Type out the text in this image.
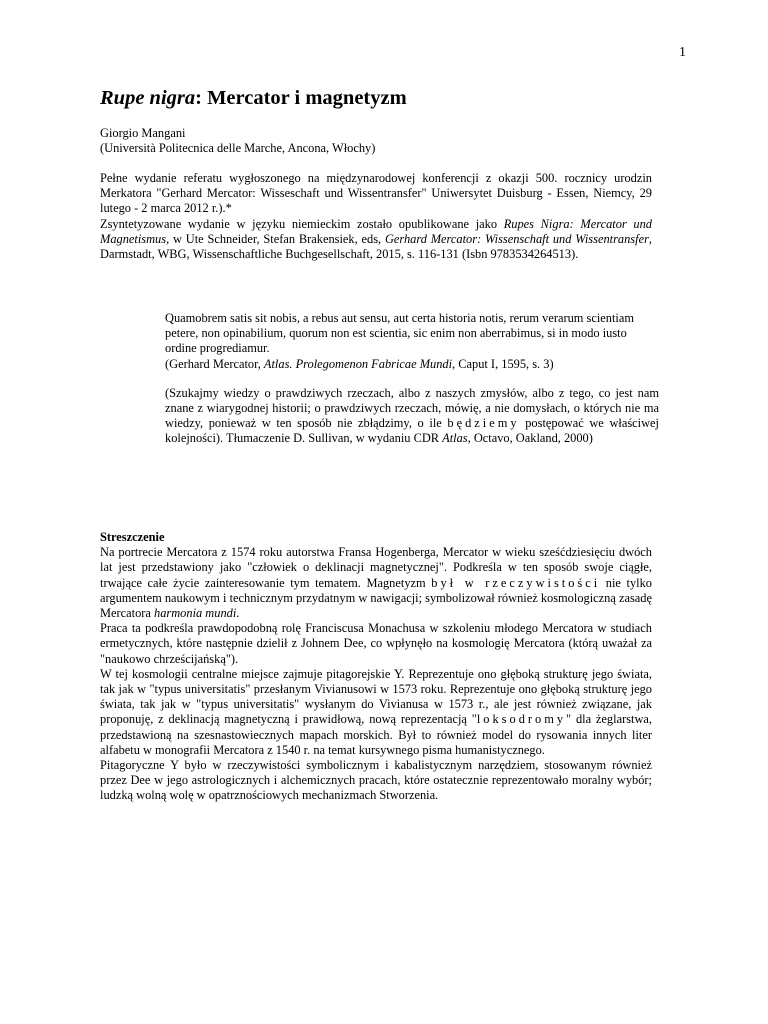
1
Rupe nigra: Mercator i magnetyzm

Giorgio Mangani

(Università Politecnica delle Marche, Ancona, Włochy)

Pełne wydanie referatu wygłoszonego na międzynarodowej konferencji z okazji 500. rocznicy urodzin Merkatora "Gerhard Mercator: Wisseschaft und Wissentransfer" Uniwersytet Duisburg - Essen, Niemcy, 29 lutego - 2 marca 2012 r.).*

Zsyntetyzowane wydanie w języku niemieckim zostało opublikowane jako Rupes Nigra: Mercator und Magnetismus, w Ute Schneider, Stefan Brakensiek, eds, Gerhard Mercator: Wissenschaft und Wissentransfer, Darmstadt, WBG, Wissenschaftliche Buchgesellschaft, 2015, s. 116-131 (Isbn 9783534264513).

Quamobrem satis sit nobis, a rebus aut sensu, aut certa historia notis, rerum verarum scientiam petere, non opinabilium, quorum non est scientia, sic enim non aberrabimus, si in modo iusto ordine progrediamur.

(Gerhard Mercator, Atlas. Prolegomenon Fabricae Mundi, Caput I, 1595, s. 3)

(Szukajmy wiedzy o prawdziwych rzeczach, albo z naszych zmysłów, albo z tego, co jest nam znane z wiarygodnej historii; o prawdziwych rzeczach, mówię, a nie domysłach, o których nie ma wiedzy, ponieważ w ten sposób nie zbłądzimy, o ile będziemy postępować we właściwej kolejności). Tłumaczenie D. Sullivan, w wydaniu CDR Atlas, Octavo, Oakland, 2000)

Streszczenie

Na portrecie Mercatora z 1574 roku autorstwa Fransa Hogenberga, Mercator w wieku sześćdziesięciu dwóch lat jest przedstawiony jako "człowiek o deklinacji magnetycznej". Podkreśla w ten sposób swoje ciągłe, trwające całe życie zainteresowanie tym tematem. Magnetyzm był w rzeczywistości nie tylko argumentem naukowym i technicznym przydatnym w nawigacji; symbolizował również kosmologiczną zasadę Mercatora harmonia mundi.

Praca ta podkreśla prawdopodobną rolę Franciscusa Monachusa w szkoleniu młodego Mercatora w studiach ermetycznych, które następnie dzielił z Johnem Dee, co wpłynęło na kosmologię Mercatora (którą uważał za "naukowo chrześcijańską").

W tej kosmologii centralne miejsce zajmuje pitagorejskie Y. Reprezentuje ono głęboką strukturę jego świata, tak jak w "typus universitatis" przesłanym Vivianusowi w 1573 roku. Reprezentuje ono głęboką strukturę jego świata, tak jak w "typus universitatis" wysłanym do Vivianusa w 1573 r., ale jest również związane, jak proponuję, z deklinacją magnetyczną i prawidłową, nową reprezentacją "loksodromy" dla żeglarstwa, przedstawioną na szesnastowiecznych mapach morskich. Był to również model do rysowania innych liter alfabetu w monografii Mercatora z 1540 r. na temat kursywnego pisma humanistycznego.

Pitagoryczne Y było w rzeczywistości symbolicznym i kabalistycznym narzędziem, stosowanym również przez Dee w jego astrologicznych i alchemicznych pracach, które ostatecznie reprezentowało moralny wybór; ludzką wolną wolę w opatrznościowych mechanizmach Stworzenia.
